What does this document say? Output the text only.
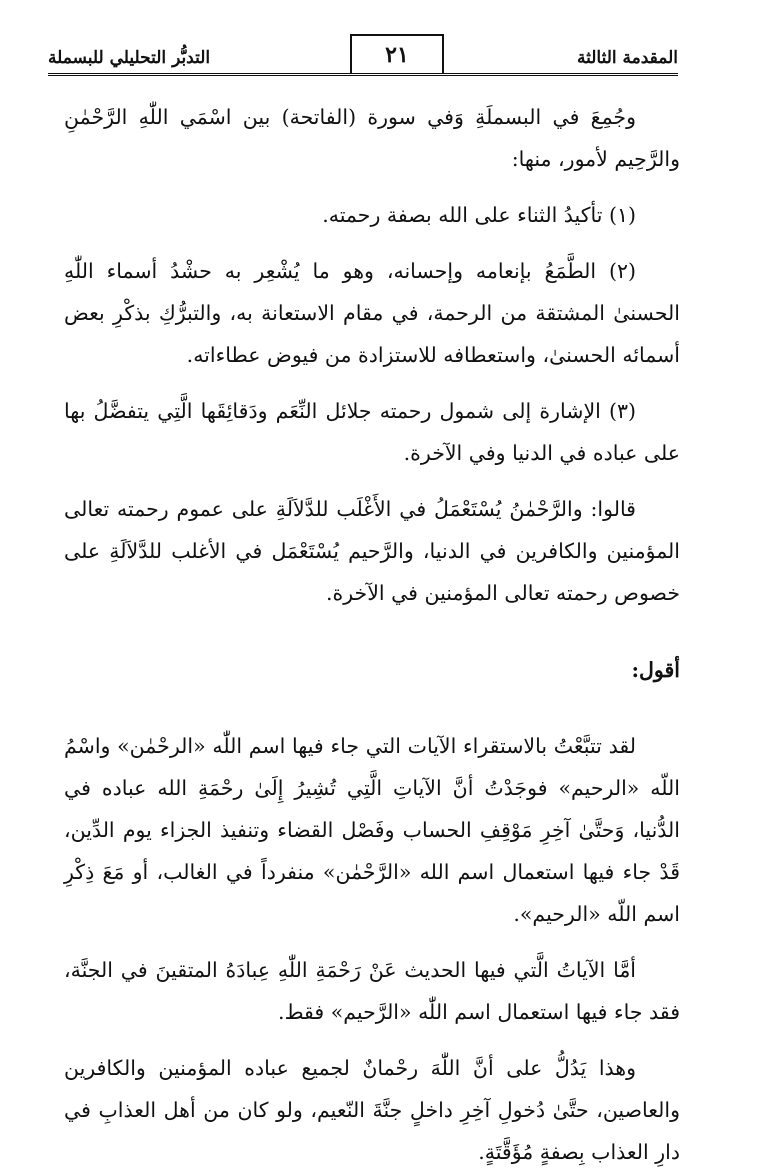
المقدمة الثالثة
٢١
التدبُّر التحليلي للبسملة

وجُمِعَ في البسملَةِ وَفي سورة (الفاتحة) بين اسْمَي اللّٰهِ الرَّحْمٰنِ والرَّحِيم لأمور، منها:

(١) تأكيدُ الثناء على الله بصفة رحمته.

(٢) الطَّمَعُ بإنعامه وإحسانه، وهو ما يُشْعِر به حشْدُ أسماء اللّٰهِ الحسنىٰ المشتقة من الرحمة، في مقام الاستعانة به، والتبرُّكِ بذكْرِ بعض أسمائه الحسنىٰ، واستعطافه للاستزادة من فيوض عطاءاته.

(٣) الإشارة إلى شمول رحمته جلائل النِّعَم ودَقائِقَها الَّتِي يتفضَّلُ بها على عباده في الدنيا وفي الآخرة.

قالوا: والرَّحْمٰنُ يُسْتَعْمَلُ في الأَغْلَب للدَّلاَلَةِ على عموم رحمته تعالى المؤمنين والكافرين في الدنيا، والرَّحيم يُسْتَعْمَل في الأغلب للدَّلاَلَةِ على خصوص رحمته تعالى المؤمنين في الآخرة.

أقول:

لقد تتبَّعْتُ بالاستقراء الآيات التي جاء فيها اسم اللّٰه «الرحْمٰن» واسْمُ اللّه «الرحيم» فوجَدْتُ أنَّ الآياتِ الَّتِي تُشِيرُ إِلَىٰ رحْمَةِ الله عباده في الدُّنيا، وَحتَّىٰ آخِرِ مَوْقِفِ الحساب وفَصْل القضاء وتنفيذ الجزاء يوم الدِّين، قَدْ جاء فيها استعمال اسم الله «الرَّحْمٰن» منفرداً في الغالب، أو مَعَ ذِكْرِ اسم اللّه «الرحيم».

أمَّا الآياتُ الَّتي فيها الحديث عَنْ رَحْمَةِ اللّٰهِ عِبادَهُ المتقينَ في الجنَّة، فقد جاء فيها استعمال اسم اللّٰه «الرَّحيم» فقط.

وهذا يَدُلُّ على أنَّ اللّٰهَ رحْمانٌ لجميع عباده المؤمنين والكافرين والعاصين، حتَّىٰ دُخولِ آخِرِ داخلٍ جنَّةَ النّعيم، ولو كان من أهل العذابِ في دارِ العذاب بِصفةٍ مُؤَقَّتَةٍ.
